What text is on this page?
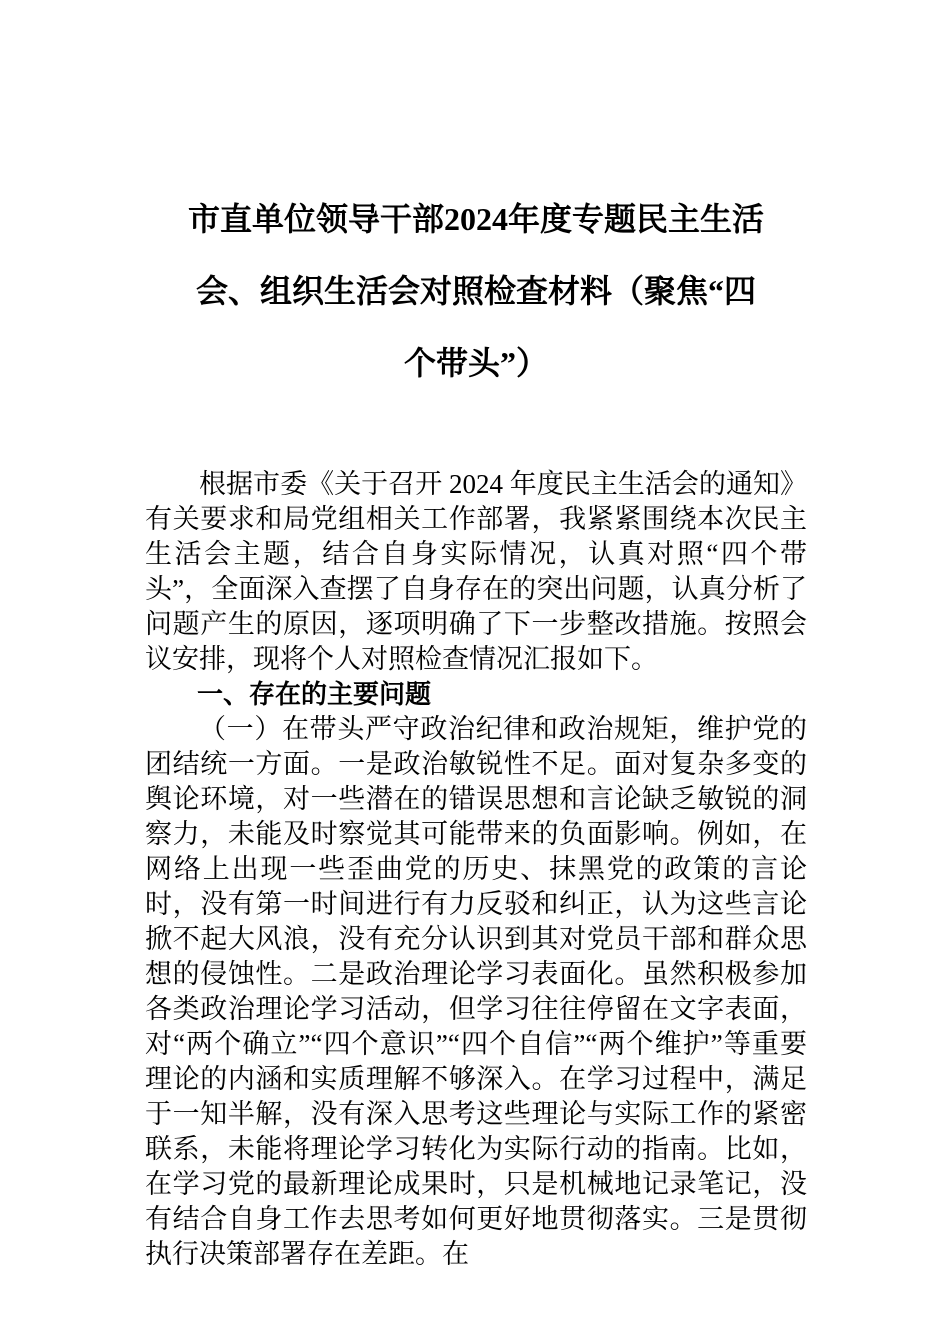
市直单位领导干部2024年度专题民主生活
会、组织生活会对照检查材料（聚焦“四
个带头”）

根据市委《关于召开 2024 年度民主生活会的通知》有关要求和局党组相关工作部署，我紧紧围绕本次民主生活会主题，结合自身实际情况，认真对照“四个带头”，全面深入查摆了自身存在的突出问题，认真分析了问题产生的原因，逐项明确了下一步整改措施。按照会议安排，现将个人对照检查情况汇报如下。

一、存在的主要问题

（一）在带头严守政治纪律和政治规矩，维护党的团结统一方面。一是政治敏锐性不足。面对复杂多变的舆论环境，对一些潜在的错误思想和言论缺乏敏锐的洞察力，未能及时察觉其可能带来的负面影响。例如，在网络上出现一些歪曲党的历史、抹黑党的政策的言论时，没有第一时间进行有力反驳和纠正，认为这些言论掀不起大风浪，没有充分认识到其对党员干部和群众思想的侵蚀性。二是政治理论学习表面化。虽然积极参加各类政治理论学习活动，但学习往往停留在文字表面，对“两个确立”“四个意识”“四个自信”“两个维护”等重要理论的内涵和实质理解不够深入。在学习过程中，满足于一知半解，没有深入思考这些理论与实际工作的紧密联系，未能将理论学习转化为实际行动的指南。比如，在学习党的最新理论成果时，只是机械地记录笔记，没有结合自身工作去思考如何更好地贯彻落实。三是贯彻执行决策部署存在差距。在
